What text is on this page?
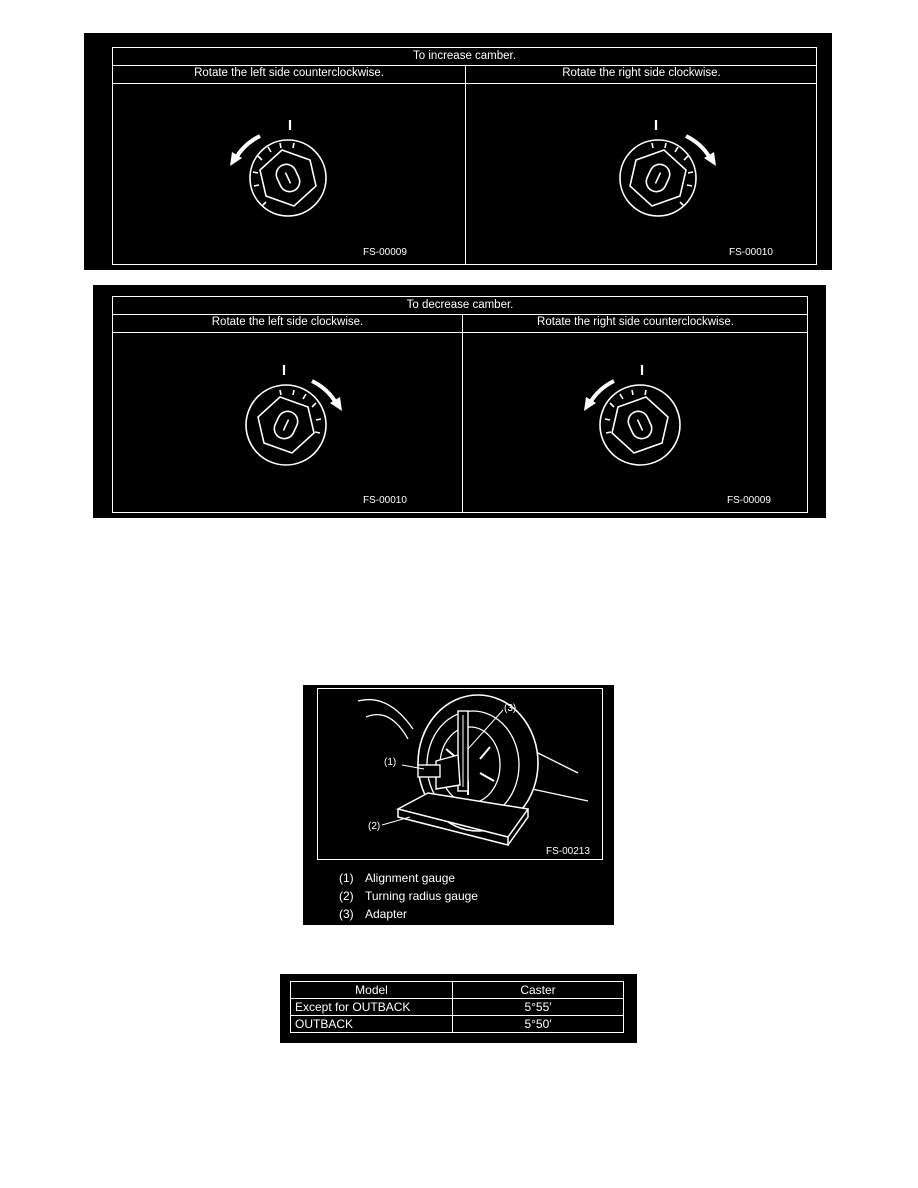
To increase camber.
Rotate the left side counterclockwise.	Rotate the right side clockwise.
FS-00009	FS-00010
To decrease camber.
Rotate the left side clockwise.	Rotate the right side counterclockwise.
FS-00010	FS-00009
(1)
(3)
(2)
FS-00213
(1) Alignment gauge
(2) Turning radius gauge
(3) Adapter
Model	Caster
Except for OUTBACK	5°55′
OUTBACK	5°50′
